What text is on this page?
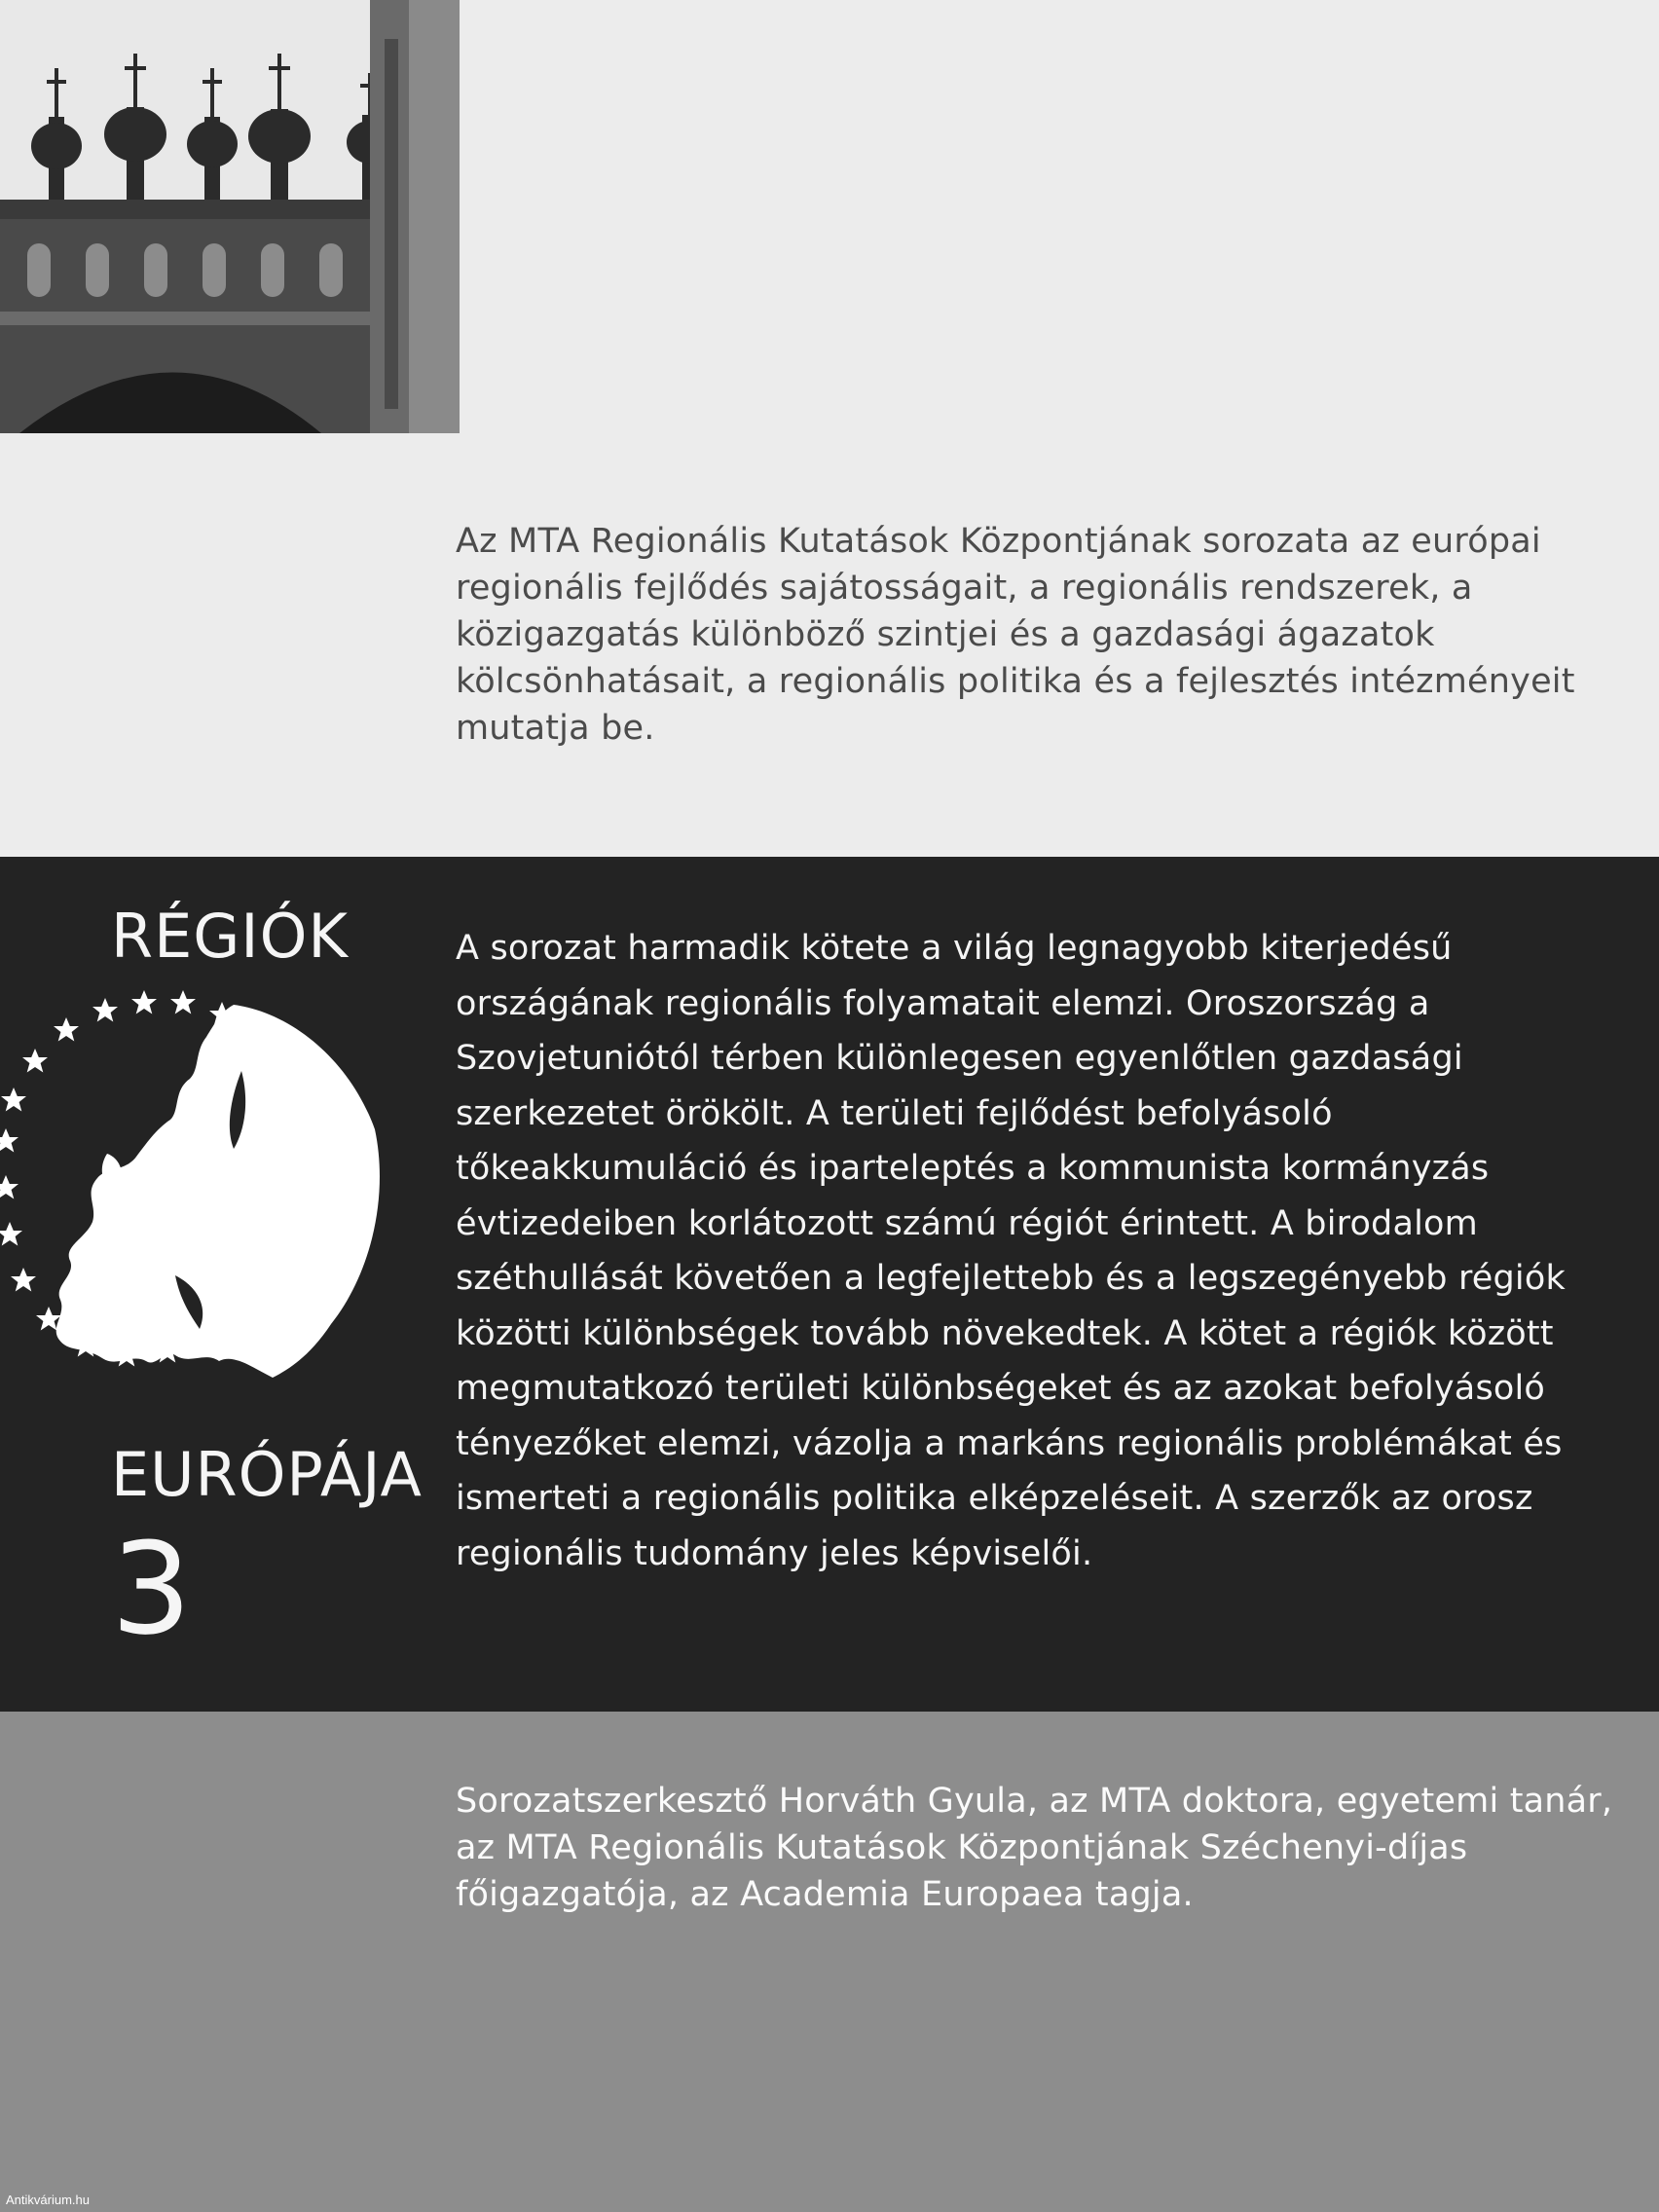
Az MTA Regionális Kutatások Központjának sorozata az európai regionális fejlődés sajátosságait, a regionális rendszerek, a közigazgatás különböző szintjei és a gazdasági ágazatok kölcsönhatásait, a regionális politika és a fejlesztés intézményeit mutatja be.
RÉGIÓK
EURÓPÁJA
3
A sorozat harmadik kötete a világ legnagyobb kiterjedésű országának regionális folyamatait elemzi. Oroszország a Szovjetuniótól térben különlegesen egyenlőtlen gazdasági szerkezetet örökölt. A területi fejlődést befolyásoló tőkeakkumuláció és iparteleptés a kommunista kormányzás évtizedeiben korlátozott számú régiót érintett. A birodalom széthullását követően a legfejlettebb és a legszegényebb régiók közötti különbségek tovább növekedtek. A kötet a régiók között megmutatkozó területi különbségeket és az azokat befolyásoló tényezőket elemzi, vázolja a markáns regionális problémákat és ismerteti a regionális politika elképzeléseit. A szerzők az orosz regionális tudomány jeles képviselői.
Sorozatszerkesztő Horváth Gyula, az MTA doktora, egyetemi tanár, az MTA Regionális Kutatások Központjának Széchenyi-díjas főigazgatója, az Academia Europaea tagja.
Antikvárium.hu
